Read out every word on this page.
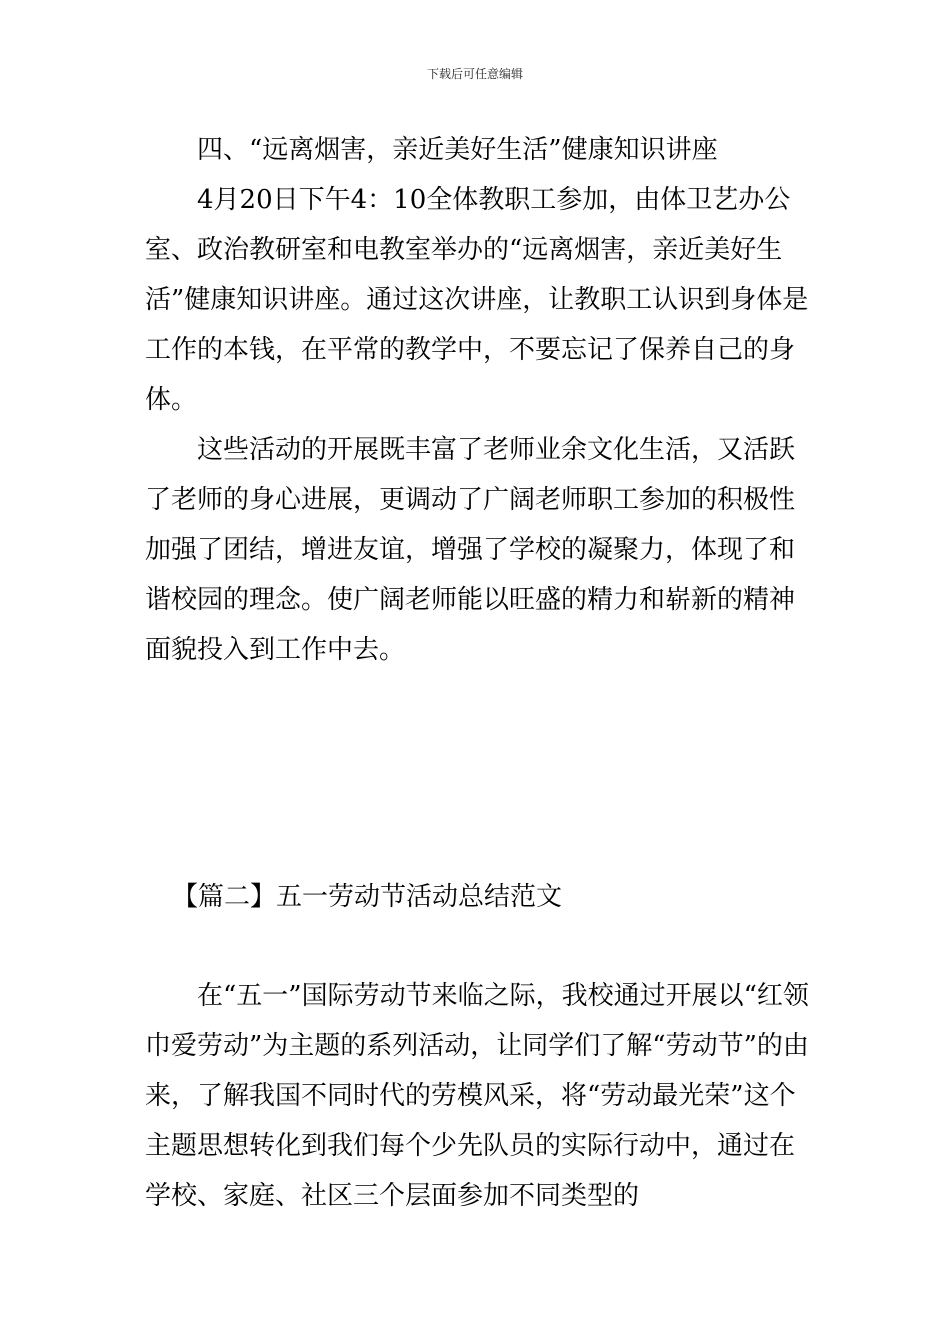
下载后可任意编辑

四、“远离烟害，亲近美好生活”健康知识讲座

4月20日下午4：10全体教职工参加，由体卫艺办公室、政治教研室和电教室举办的“远离烟害，亲近美好生活”健康知识讲座。通过这次讲座，让教职工认识到身体是工作的本钱，在平常的教学中，不要忘记了保养自己的身体。

这些活动的开展既丰富了老师业余文化生活，又活跃了老师的身心进展，更调动了广阔老师职工参加的积极性加强了团结，增进友谊，增强了学校的凝聚力，体现了和谐校园的理念。使广阔老师能以旺盛的精力和崭新的精神面貌投入到工作中去。

【篇二】五一劳动节活动总结范文

在“五一”国际劳动节来临之际，我校通过开展以“红领巾爱劳动”为主题的系列活动，让同学们了解“劳动节”的由来，了解我国不同时代的劳模风采，将“劳动最光荣”这个主题思想转化到我们每个少先队员的实际行动中，通过在学校、家庭、社区三个层面参加不同类型的
